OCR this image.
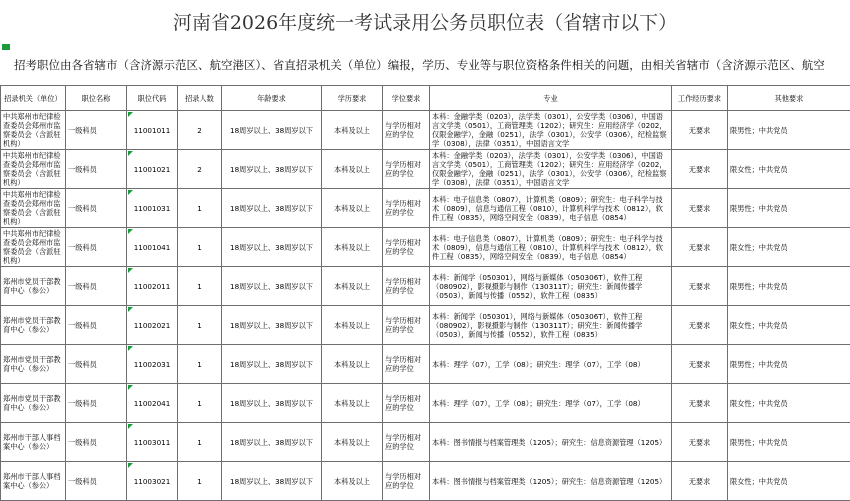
河南省2026年度统一考试录用公务员职位表（省辖市以下）
招考职位由各省辖市（含济源示范区、航空港区）、省直招录机关（单位）编报，学历、专业等与职位资格条件相关的问题，由相关省辖市（含济源示范区、航空
招录机关（单位）	职位名称	职位代码	招录人数	年龄要求	学历要求	学位要求	专业	工作经历要求	其他要求

中共郑州市纪律检查委员会郑州市监察委员会（含派驻机构）	一级科员	11001011	2	18周岁以上、38周岁以下	本科及以上	与学历相对应的学位	本科：金融学类（0203），法学类（0301），公安学类（0306），中国语言文学类（0501），工商管理类（1202）；研究生：应用经济学（0202，仅限金融学），金融（0251），法学（0301），公安学（0306），纪检监察学（0308），法律（0351），中国语言文学	无要求	限男性；中共党员

中共郑州市纪律检查委员会郑州市监察委员会（含派驻机构）	一级科员	11001021	2	18周岁以上、38周岁以下	本科及以上	与学历相对应的学位	本科：金融学类（0203），法学类（0301），公安学类（0306），中国语言文学类（0501），工商管理类（1202）；研究生：应用经济学（0202，仅限金融学），金融（0251），法学（0301），公安学（0306），纪检监察学（0308），法律（0351），中国语言文学	无要求	限女性；中共党员

中共郑州市纪律检查委员会郑州市监察委员会（含派驻机构）	一级科员	11001031	1	18周岁以上、38周岁以下	本科及以上	与学历相对应的学位	本科：电子信息类（0807），计算机类（0809）；研究生：电子科学与技术（0809），信息与通信工程（0810），计算机科学与技术（0812），软件工程（0835），网络空间安全（0839），电子信息（0854）	无要求	限男性；中共党员

中共郑州市纪律检查委员会郑州市监察委员会（含派驻机构）	一级科员	11001041	1	18周岁以上、38周岁以下	本科及以上	与学历相对应的学位	本科：电子信息类（0807），计算机类（0809）；研究生：电子科学与技术（0809），信息与通信工程（0810），计算机科学与技术（0812），软件工程（0835），网络空间安全（0839），电子信息（0854）	无要求	限女性；中共党员

郑州市党员干部教育中心（参公）	一级科员	11002011	1	18周岁以上、38周岁以下	本科及以上	与学历相对应的学位	本科：新闻学（050301），网络与新媒体（050306T），软件工程（080902），影视摄影与制作（130311T）；研究生：新闻传播学（0503），新闻与传播（0552），软件工程（0835）	无要求	限男性；中共党员

郑州市党员干部教育中心（参公）	一级科员	11002021	1	18周岁以上、38周岁以下	本科及以上	与学历相对应的学位	本科：新闻学（050301），网络与新媒体（050306T），软件工程（080902），影视摄影与制作（130311T）；研究生：新闻传播学（0503），新闻与传播（0552），软件工程（0835）	无要求	限女性；中共党员

郑州市党员干部教育中心（参公）	一级科员	11002031	1	18周岁以上、38周岁以下	本科及以上	与学历相对应的学位	本科：理学（07），工学（08）；研究生：理学（07），工学（08）	无要求	限男性；中共党员

郑州市党员干部教育中心（参公）	一级科员	11002041	1	18周岁以上、38周岁以下	本科及以上	与学历相对应的学位	本科：理学（07），工学（08）；研究生：理学（07），工学（08）	无要求	限女性；中共党员

郑州市干部人事档案中心（参公）	一级科员	11003011	1	18周岁以上、38周岁以下	本科及以上	与学历相对应的学位	本科：图书情报与档案管理类（1205）；研究生：信息资源管理（1205）	无要求	限男性；中共党员

郑州市干部人事档案中心（参公）	一级科员	11003021	1	18周岁以上、38周岁以下	本科及以上	与学历相对应的学位	本科：图书情报与档案管理类（1205）；研究生：信息资源管理（1205）	无要求	限女性；中共党员
